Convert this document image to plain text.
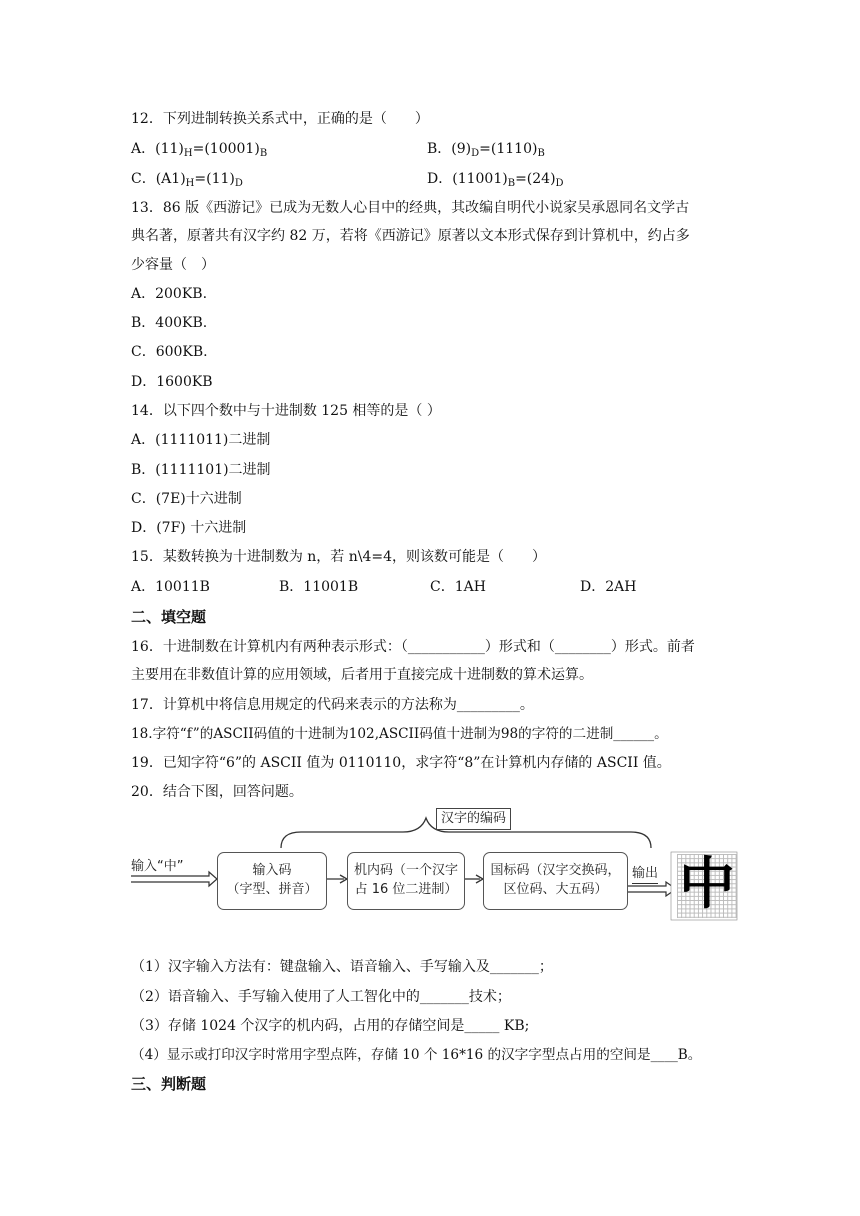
12．下列进制转换关系式中，正确的是（　　）
A．$(11)_H=(10001)_B$	B．$(9)_D=(1110)_B$
C．$(A1)_H=(11)_D$	D．$(11001)_B=(24)_D$
13．86 版《西游记》已成为无数人心目中的经典，其改编自明代小说家吴承恩同名文学古
典名著，原著共有汉字约 82 万，若将《西游记》原著以文本形式保存到计算机中，约占多
少容量（　）
A．200KB.
B．400KB.
C．600KB.
D．1600KB
14．以下四个数中与十进制数 125 相等的是（ ）
A．(1111011)二进制
B．(1111101)二进制
C．(7E)十六进制
D．(7F) 十六进制
15．某数转换为十进制数为 n，若 n\4=4，则该数可能是（　　）
A．10011B	B．11001B	C．1AH	D．2AH
二、填空题
16．十进制数在计算机内有两种表示形式：（___________）形式和（________）形式。前者
主要用在非数值计算的应用领域，后者用于直接完成十进制数的算术运算。
17．计算机中将信息用规定的代码来表示的方法称为_________。
18.字符“f”的ASCII码值的十进制为102,ASCII码值十进制为98的字符的二进制______。
19．已知字符“6”的 ASCII 值为 0110110，求字符“8”在计算机内存储的 ASCII 值。
20．结合下图，回答问题。
汉字的编码
输入“中”	输入码
（字型、拼音）
机内码（一个汉字
占 16 位二进制）
国标码（汉字交换码，
区位码、大五码）
输出 中
（1）汉字输入方法有：键盘输入、语音输入、手写输入及_______；
（2）语音输入、手写输入使用了人工智化中的_______技术；
（3）存储 1024 个汉字的机内码，占用的存储空间是_____ KB;
（4）显示或打印汉字时常用字型点阵，存储 10 个 16*16 的汉字字型点占用的空间是____B。
三、判断题
